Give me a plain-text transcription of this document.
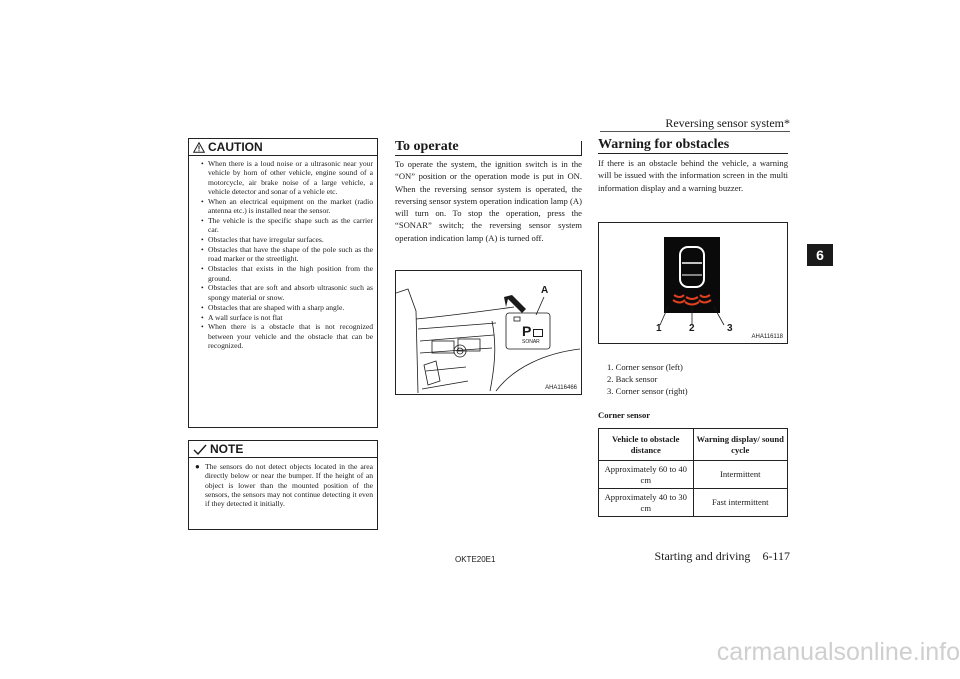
Reversing sensor system*
6
CAUTION
• When there is a loud noise or a ultrasonic near your vehicle by horn of other vehicle, engine sound of a motorcycle, air brake noise of a large vehicle, a vehicle detector and sonar of a vehicle etc.
• When an electrical equipment on the market (radio antenna etc.) is installed near the sensor.
• The vehicle is the specific shape such as the carrier car.
• Obstacles that have irregular surfaces.
• Obstacles that have the shape of the pole such as the road marker or the streetlight.
• Obstacles that exists in the high position from the ground.
• Obstacles that are soft and absorb ultrasonic such as spongy material or snow.
• Obstacles that are shaped with a sharp angle.
• A wall surface is not flat
• When there is a obstacle that is not recognized between your vehicle and the obstacle that can be recognized.
NOTE
● The sensors do not detect objects located in the area directly below or near the bumper. If the height of an object is lower than the mounted position of the sensors, the sensors may not continue detecting it even if they detected it initially.
To operate
To operate the system, the ignition switch is in the “ON” position or the operation mode is put in ON. When the reversing sensor system is operated, the reversing sensor system operation indication lamp (A) will turn on. To stop the operation, press the “SONAR” switch; the reversing sensor system operation indication lamp (A) is turned off.
P
SONAR
A
AHA116466
Warning for obstacles
If there is an obstacle behind the vehicle, a warning will be issued with the information screen in the multi information display and a warning buzzer.
1	2	3
AHA116118
1. Corner sensor (left)
2. Back sensor
3. Corner sensor (right)
Corner sensor
Vehicle to obstacle distance	Warning display/ sound cycle
Approximately 60 to 40 cm	Intermittent
Approximately 40 to 30 cm	Fast intermittent
OKTE20E1	Starting and driving 6-117
carmanualsonline.info
